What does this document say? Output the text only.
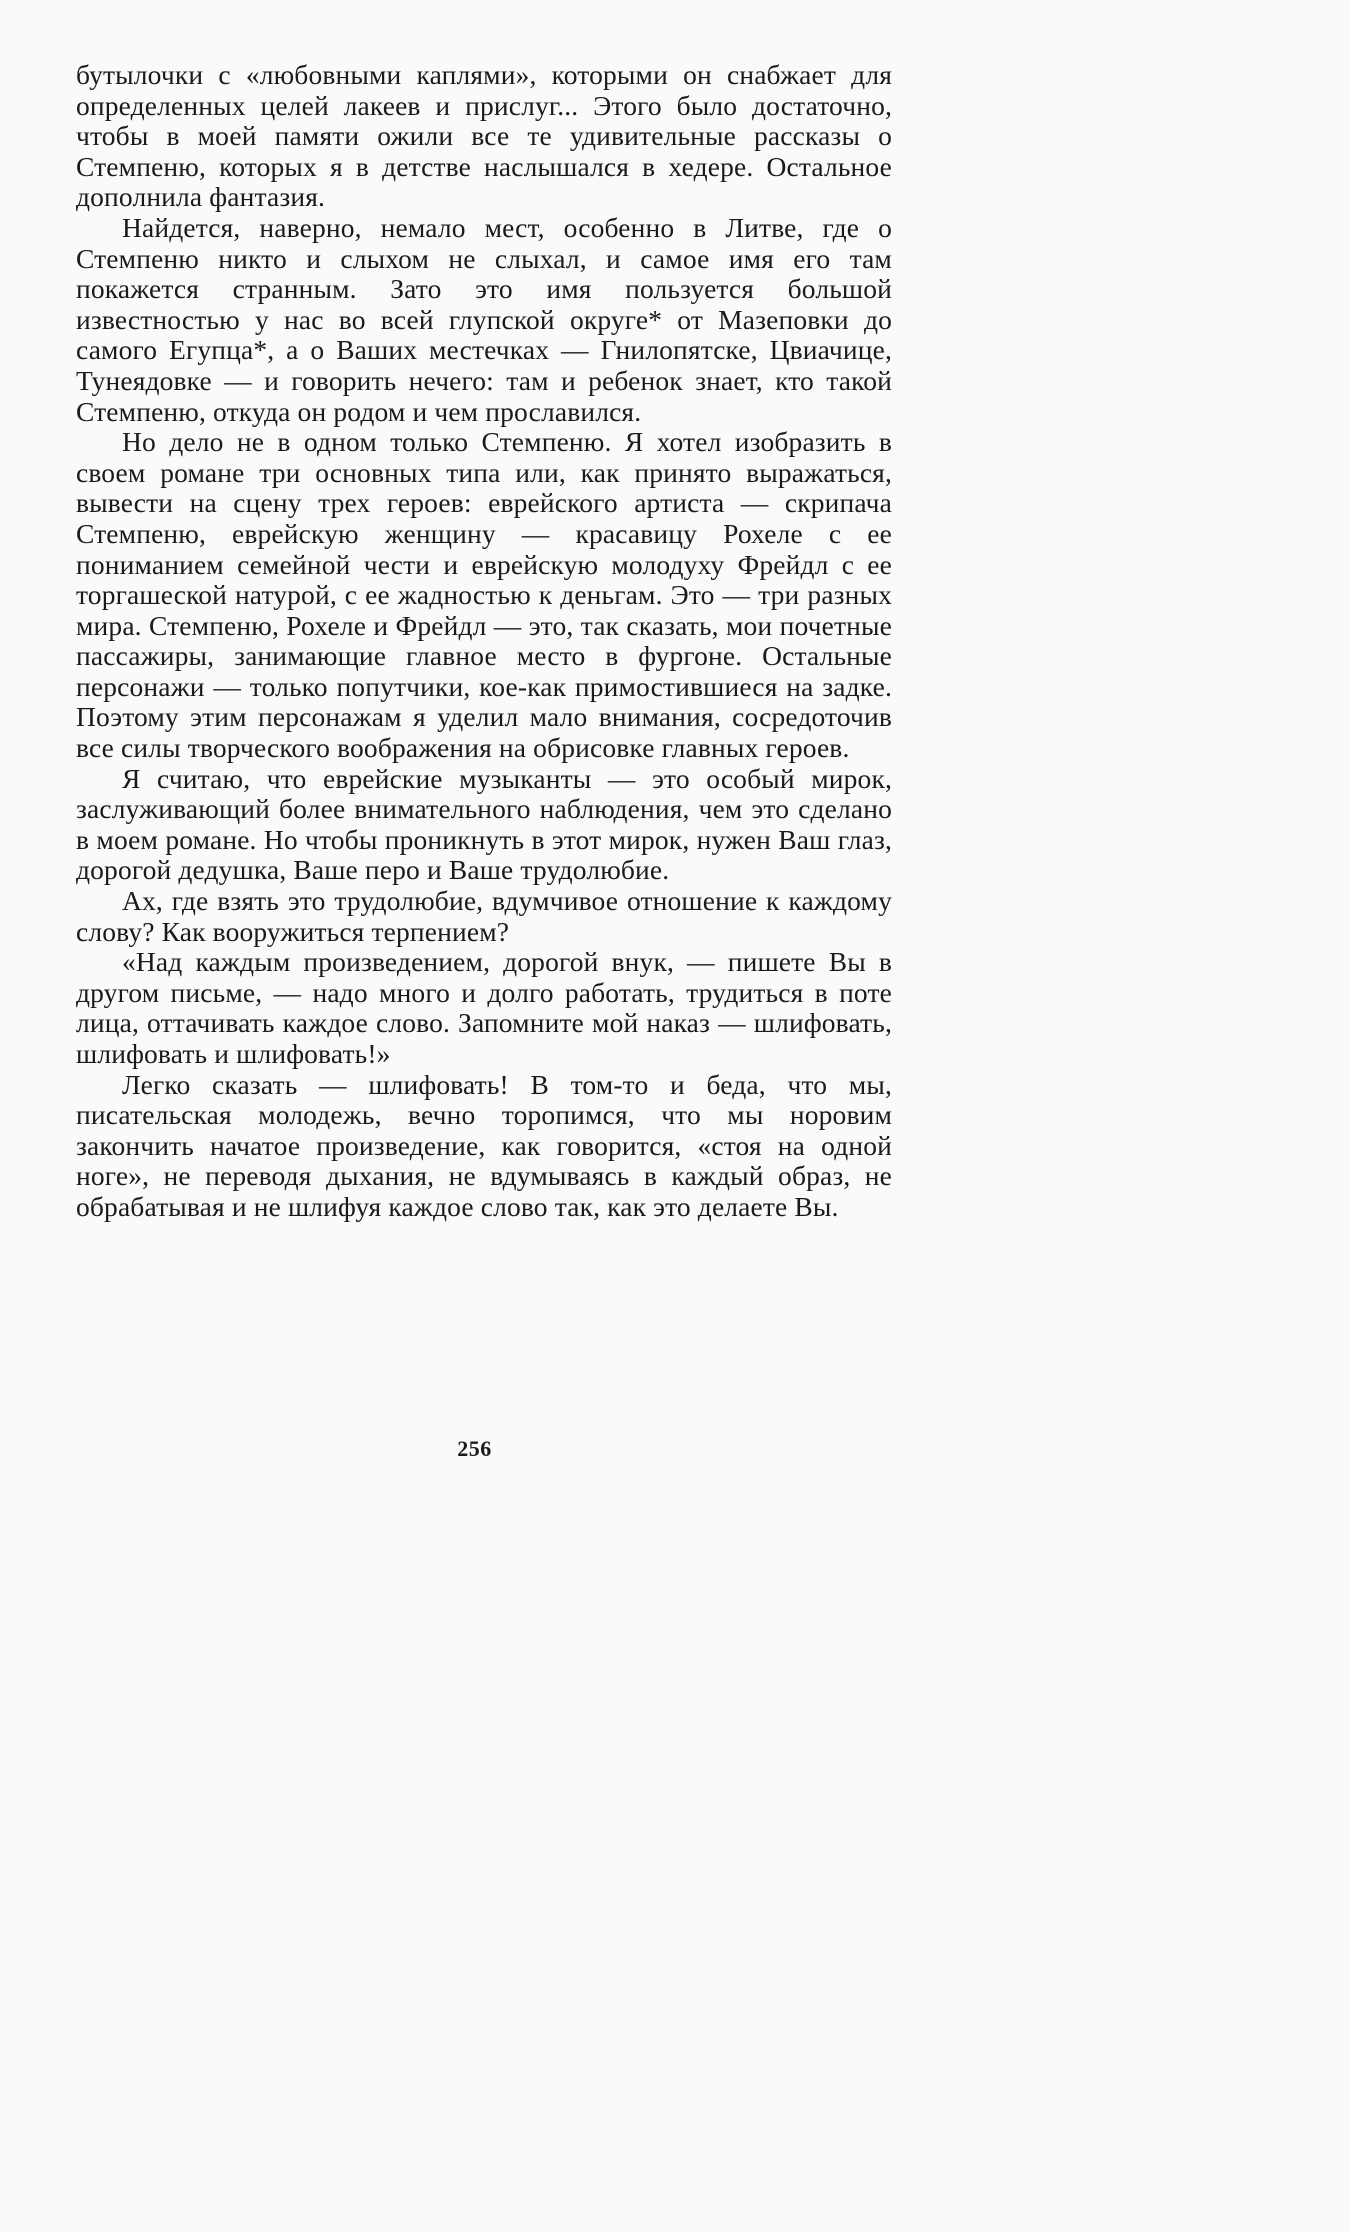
бутылочки с «любовными каплями», которыми он снабжает для определенных целей лакеев и прислуг... Этого было достаточно, чтобы в моей памяти ожили все те удивительные рассказы о Стемпеню, которых я в детстве наслышался в хедере. Остальное дополнила фантазия.

Найдется, наверно, немало мест, особенно в Литве, где о Стемпеню никто и слыхом не слыхал, и самое имя его там покажется странным. Зато это имя пользуется большой известностью у нас во всей глупской округе* от Мазеповки до самого Егупца*, а о Ваших местечках — Гнилопятске, Цвиачице, Тунеядовке — и говорить нечего: там и ребенок знает, кто такой Стемпеню, откуда он родом и чем прославился.

Но дело не в одном только Стемпеню. Я хотел изобразить в своем романе три основных типа или, как принято выражаться, вывести на сцену трех героев: еврейского артиста — скрипача Стемпеню, еврейскую женщину — красавицу Рохеле с ее пониманием семейной чести и еврейскую молодуху Фрейдл с ее торгашеской натурой, с ее жадностью к деньгам. Это — три разных мира. Стемпеню, Рохеле и Фрейдл — это, так сказать, мои почетные пассажиры, занимающие главное место в фургоне. Остальные персонажи — только попутчики, кое-как примостившиеся на задке. Поэтому этим персонажам я уделил мало внимания, сосредоточив все силы творческого воображения на обрисовке главных героев.

Я считаю, что еврейские музыканты — это особый мирок, заслуживающий более внимательного наблюдения, чем это сделано в моем романе. Но чтобы проникнуть в этот мирок, нужен Ваш глаз, дорогой дедушка, Ваше перо и Ваше трудолюбие.

Ах, где взять это трудолюбие, вдумчивое отношение к каждому слову? Как вооружиться терпением?

«Над каждым произведением, дорогой внук, — пишете Вы в другом письме, — надо много и долго работать, трудиться в поте лица, оттачивать каждое слово. Запомните мой наказ — шлифовать, шлифовать и шлифовать!»

Легко сказать — шлифовать! В том-то и беда, что мы, писательская молодежь, вечно торопимся, что мы норовим закончить начатое произведение, как говорится, «стоя на одной ноге», не переводя дыхания, не вдумываясь в каждый образ, не обрабатывая и не шлифуя каждое слово так, как это делаете Вы.

256
